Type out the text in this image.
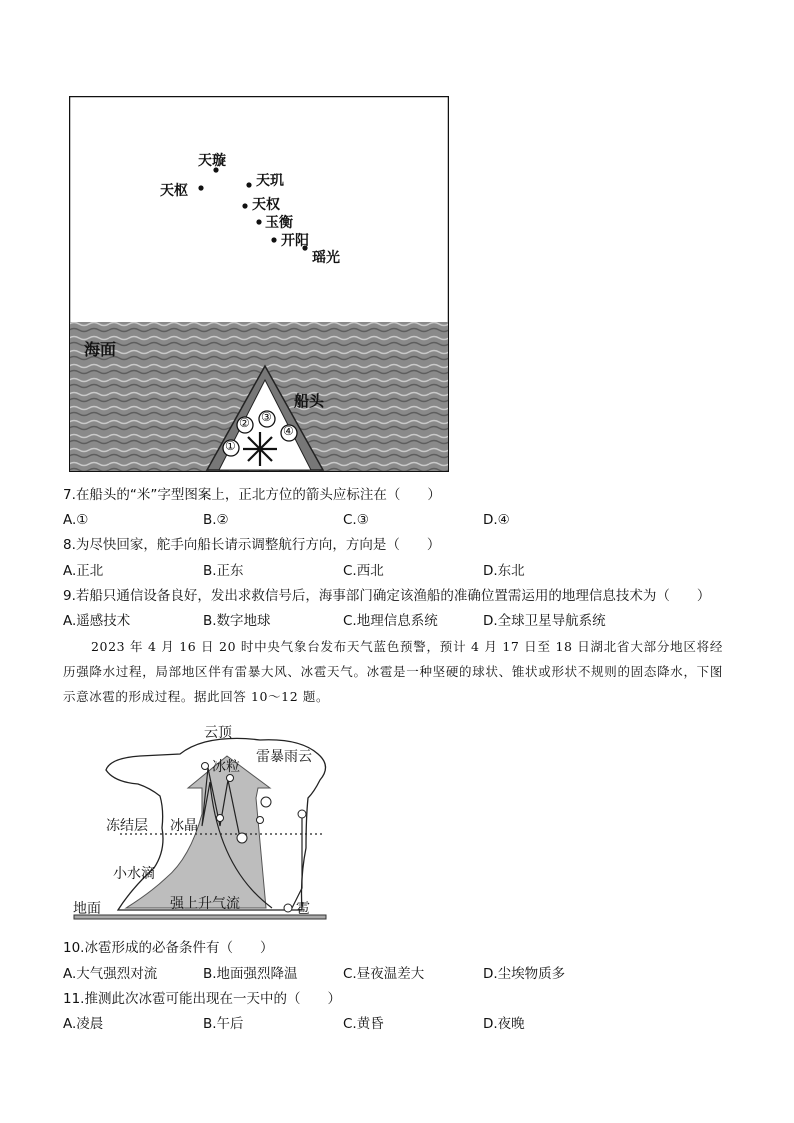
天璇
天枢
天玑
天权
玉衡
开阳
瑶光
海面
船头
①
② ③
④
7.在船头的“米”字型图案上，正北方位的箭头应标注在（　　）
A.①	B.②	C.③	D.④
8.为尽快回家，舵手向船长请示调整航行方向，方向是（　　）
A.正北	B.正东	C.西北	D.东北
9.若船只通信设备良好，发出求救信号后，海事部门确定该渔船的准确位置需运用的地理信息技术为（　　）
A.遥感技术	B.数字地球	C.地理信息系统	D.全球卫星导航系统
2023 年 4 月 16 日 20 时中央气象台发布天气蓝色预警，预计 4 月 17 日至 18 日湖北省大部分地区将经历强降水过程，局部地区伴有雷暴大风、冰雹天气。冰雹是一种坚硬的球状、锥状或形状不规则的固态降水，下图示意冰雹的形成过程。据此回答 10～12 题。
云顶
雷暴雨云
冰粒
冻结层 冰晶
小水滴
强上升气流
地面	雹
10.冰雹形成的必备条件有（　　）
A.大气强烈对流	B.地面强烈降温	C.昼夜温差大	D.尘埃物质多
11.推测此次冰雹可能出现在一天中的（　　）
A.凌晨	B.午后	C.黄昏	D.夜晚
